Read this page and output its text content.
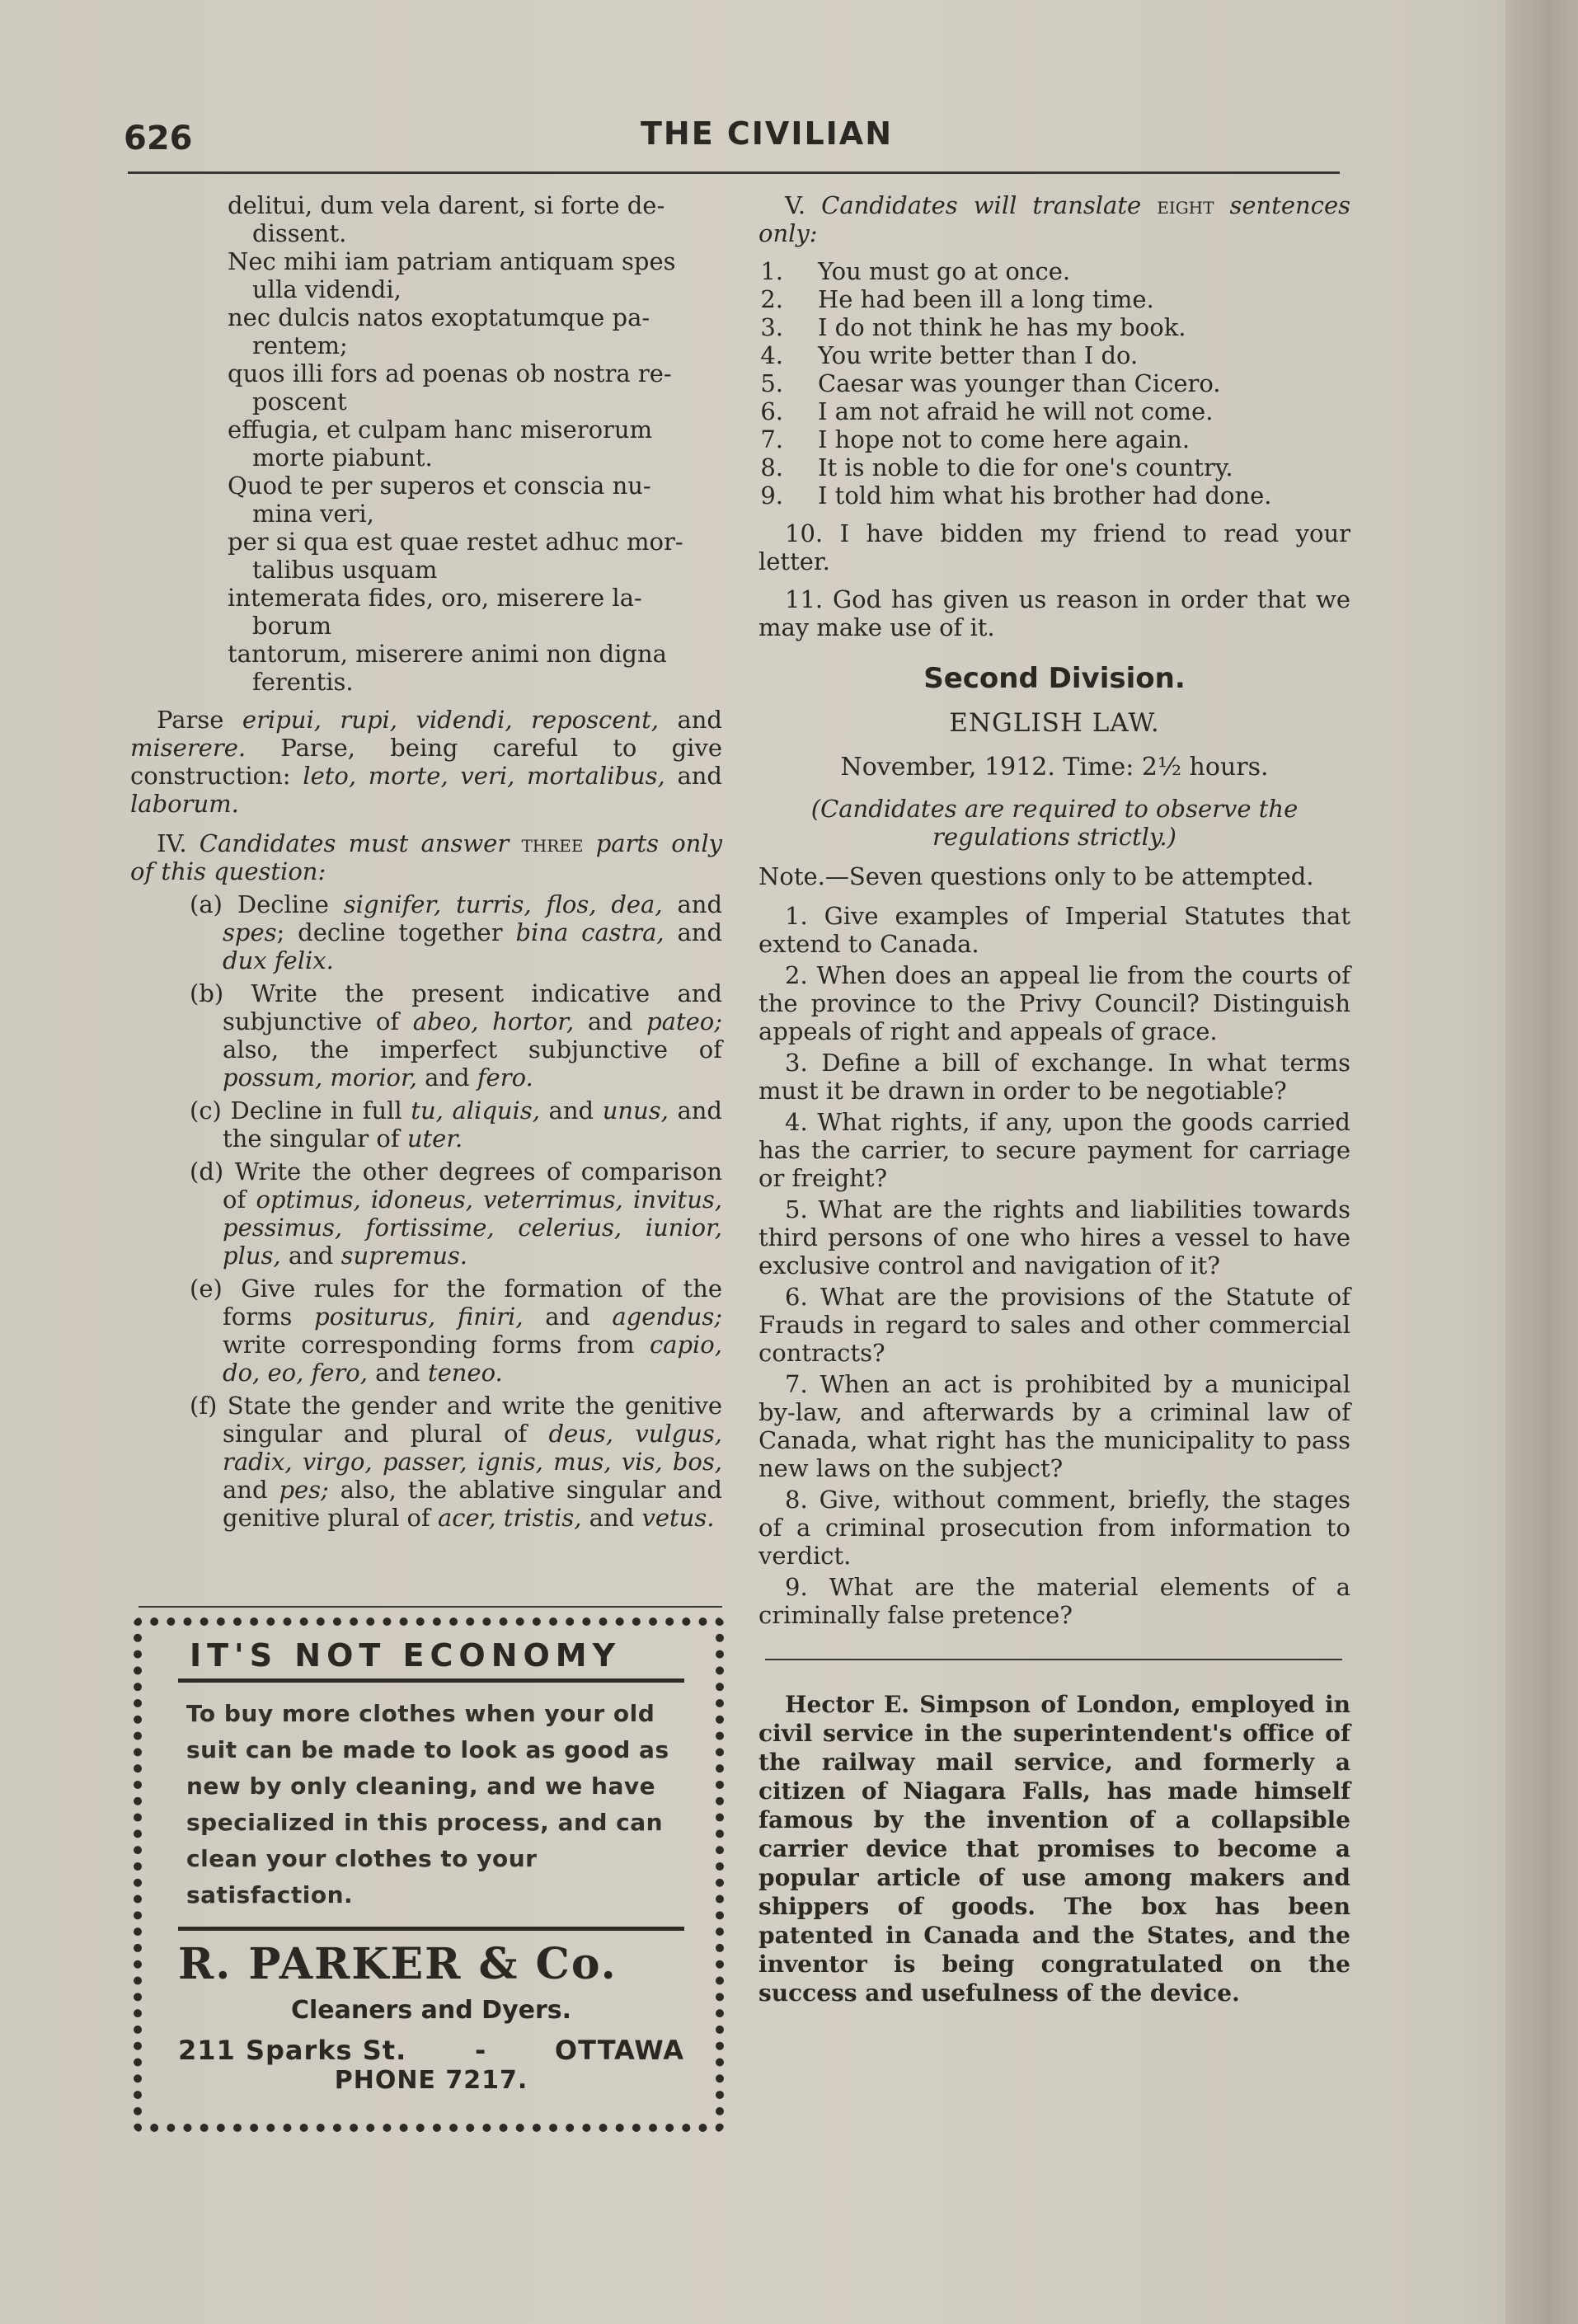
626	THE CIVILIAN

delitui, dum vela darent, si forte de-

dissent.

Nec mihi iam patriam antiquam spes

ulla videndi,

nec dulcis natos exoptatumque pa-

rentem;

quos illi fors ad poenas ob nostra re-

poscent

effugia, et culpam hanc miserorum

morte piabunt.

Quod te per superos et conscia nu-

mina veri,

per si qua est quae restet adhuc mor-

talibus usquam

intemerata fides, oro, miserere la-

borum

tantorum, miserere animi non digna

ferentis.

Parse eripui, rupi, videndi, reposcent, and miserere. Parse, being careful to give construction: leto, morte, veri, mortalibus, and laborum.

IV. Candidates must answer three parts only of this question:

(a) Decline signifer, turris, flos, dea, and spes; decline together bina castra, and dux felix.

(b) Write the present indicative and subjunctive of abeo, hortor, and pateo; also, the imperfect subjunctive of possum, morior, and fero.

(c) Decline in full tu, aliquis, and unus, and the singular of uter.

(d) Write the other degrees of comparison of optimus, idoneus, veterrimus, invitus, pessimus, fortissime, celerius, iunior, plus, and supremus.

(e) Give rules for the formation of the forms positurus, finiri, and agendus; write corresponding forms from capio, do, eo, fero, and teneo.

(f) State the gender and write the genitive singular and plural of deus, vulgus, radix, virgo, passer, ignis, mus, vis, bos, and pes; also, the ablative singular and genitive plural of acer, tristis, and vetus.

IT'S NOT ECONOMY
To buy more clothes when your old suit can be made to look as good as new by only cleaning, and we have specialized in this process, and can clean your clothes to your satisfaction.
R. PARKER & Co.
Cleaners and Dyers.
211 Sparks St.	-	OTTAWA
PHONE 7217.

V. Candidates will translate eight sentences only:

1.	You must go at once.
2.	He had been ill a long time.
3.	I do not think he has my book.
4.	You write better than I do.
5.	Caesar was younger than Cicero.
6.	I am not afraid he will not come.
7.	I hope not to come here again.
8.	It is noble to die for one's country.
9.	I told him what his brother had done.

10. I have bidden my friend to read your letter.

11. God has given us reason in order that we may make use of it.

Second Division.
ENGLISH LAW.
November, 1912. Time: 2½ hours.
(Candidates are required to observe the regulations strictly.)

Note.—Seven questions only to be attempted.

1. Give examples of Imperial Statutes that extend to Canada.

2. When does an appeal lie from the courts of the province to the Privy Council? Distinguish appeals of right and appeals of grace.

3. Define a bill of exchange. In what terms must it be drawn in order to be negotiable?

4. What rights, if any, upon the goods carried has the carrier, to secure payment for carriage or freight?

5. What are the rights and liabilities towards third persons of one who hires a vessel to have exclusive control and navigation of it?

6. What are the provisions of the Statute of Frauds in regard to sales and other commercial contracts?

7. When an act is prohibited by a municipal by-law, and afterwards by a criminal law of Canada, what right has the municipality to pass new laws on the subject?

8. Give, without comment, briefly, the stages of a criminal prosecution from information to verdict.

9. What are the material elements of a criminally false pretence?

Hector E. Simpson of London, employed in civil service in the superintendent's office of the railway mail service, and formerly a citizen of Niagara Falls, has made himself famous by the invention of a collapsible carrier device that promises to become a popular article of use among makers and shippers of goods. The box has been patented in Canada and the States, and the inventor is being congratulated on the success and usefulness of the device.
